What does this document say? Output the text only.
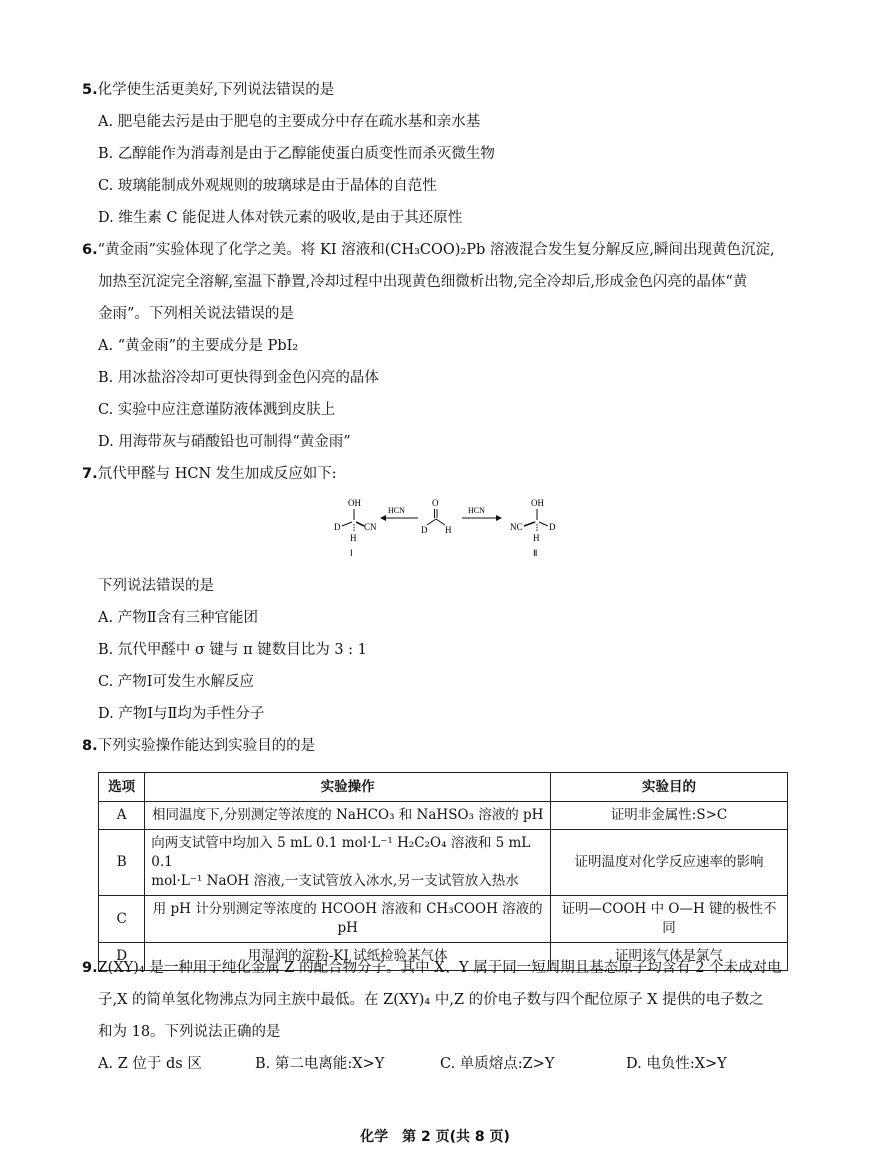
5.化学使生活更美好,下列说法错误的是
A. 肥皂能去污是由于肥皂的主要成分中存在疏水基和亲水基
B. 乙醇能作为消毒剂是由于乙醇能使蛋白质变性而杀灭微生物
C. 玻璃能制成外观规则的玻璃球是由于晶体的自范性
D. 维生素 C 能促进人体对铁元素的吸收,是由于其还原性
6.“黄金雨”实验体现了化学之美。将 KI 溶液和(CH₃COO)₂Pb 溶液混合发生复分解反应,瞬间出现黄色沉淀,
加热至沉淀完全溶解,室温下静置,冷却过程中出现黄色细微析出物,完全冷却后,形成金色闪亮的晶体“黄
金雨”。下列相关说法错误的是
A. “黄金雨”的主要成分是 PbI₂
B. 用冰盐浴冷却可更快得到金色闪亮的晶体
C. 实验中应注意谨防液体溅到皮肤上
D. 用海带灰与硝酸铅也可制得“黄金雨”
7.氘代甲醛与 HCN 发生加成反应如下:
OH
D	CN
H
Ⅰ
HCN
O
D H
HCN
OH
NC	D
H
Ⅱ
下列说法错误的是
A. 产物Ⅱ含有三种官能团
B. 氘代甲醛中 σ 键与 π 键数目比为 3 : 1
C. 产物Ⅰ可发生水解反应
D. 产物Ⅰ与Ⅱ均为手性分子
8.下列实验操作能达到实验目的的是
选项	实验操作	实验目的
A	相同温度下,分别测定等浓度的 NaHCO₃ 和 NaHSO₃ 溶液的 pH	证明非金属性:S>C
B	向两支试管中均加入 5 mL 0.1 mol·L⁻¹ H₂C₂O₄ 溶液和 5 mL 0.1
mol·L⁻¹ NaOH 溶液,一支试管放入冰水,另一支试管放入热水	证明温度对化学反应速率的影响
C	用 pH 计分别测定等浓度的 HCOOH 溶液和 CH₃COOH 溶液的 pH	证明—COOH 中 O—H 键的极性不同
D	用湿润的淀粉-KI 试纸检验某气体	证明该气体是氯气
9.Z(XY)₄ 是一种用于纯化金属 Z 的配合物分子。其中 X、Y 属于同一短周期且基态原子均含有 2 个未成对电
子,X 的简单氢化物沸点为同主族中最低。在 Z(XY)₄ 中,Z 的价电子数与四个配位原子 X 提供的电子数之
和为 18。下列说法正确的是
A. Z 位于 ds 区	B. 第二电离能:X>Y	C. 单质熔点:Z>Y	D. 电负性:X>Y
化学　第 2 页(共 8 页)
